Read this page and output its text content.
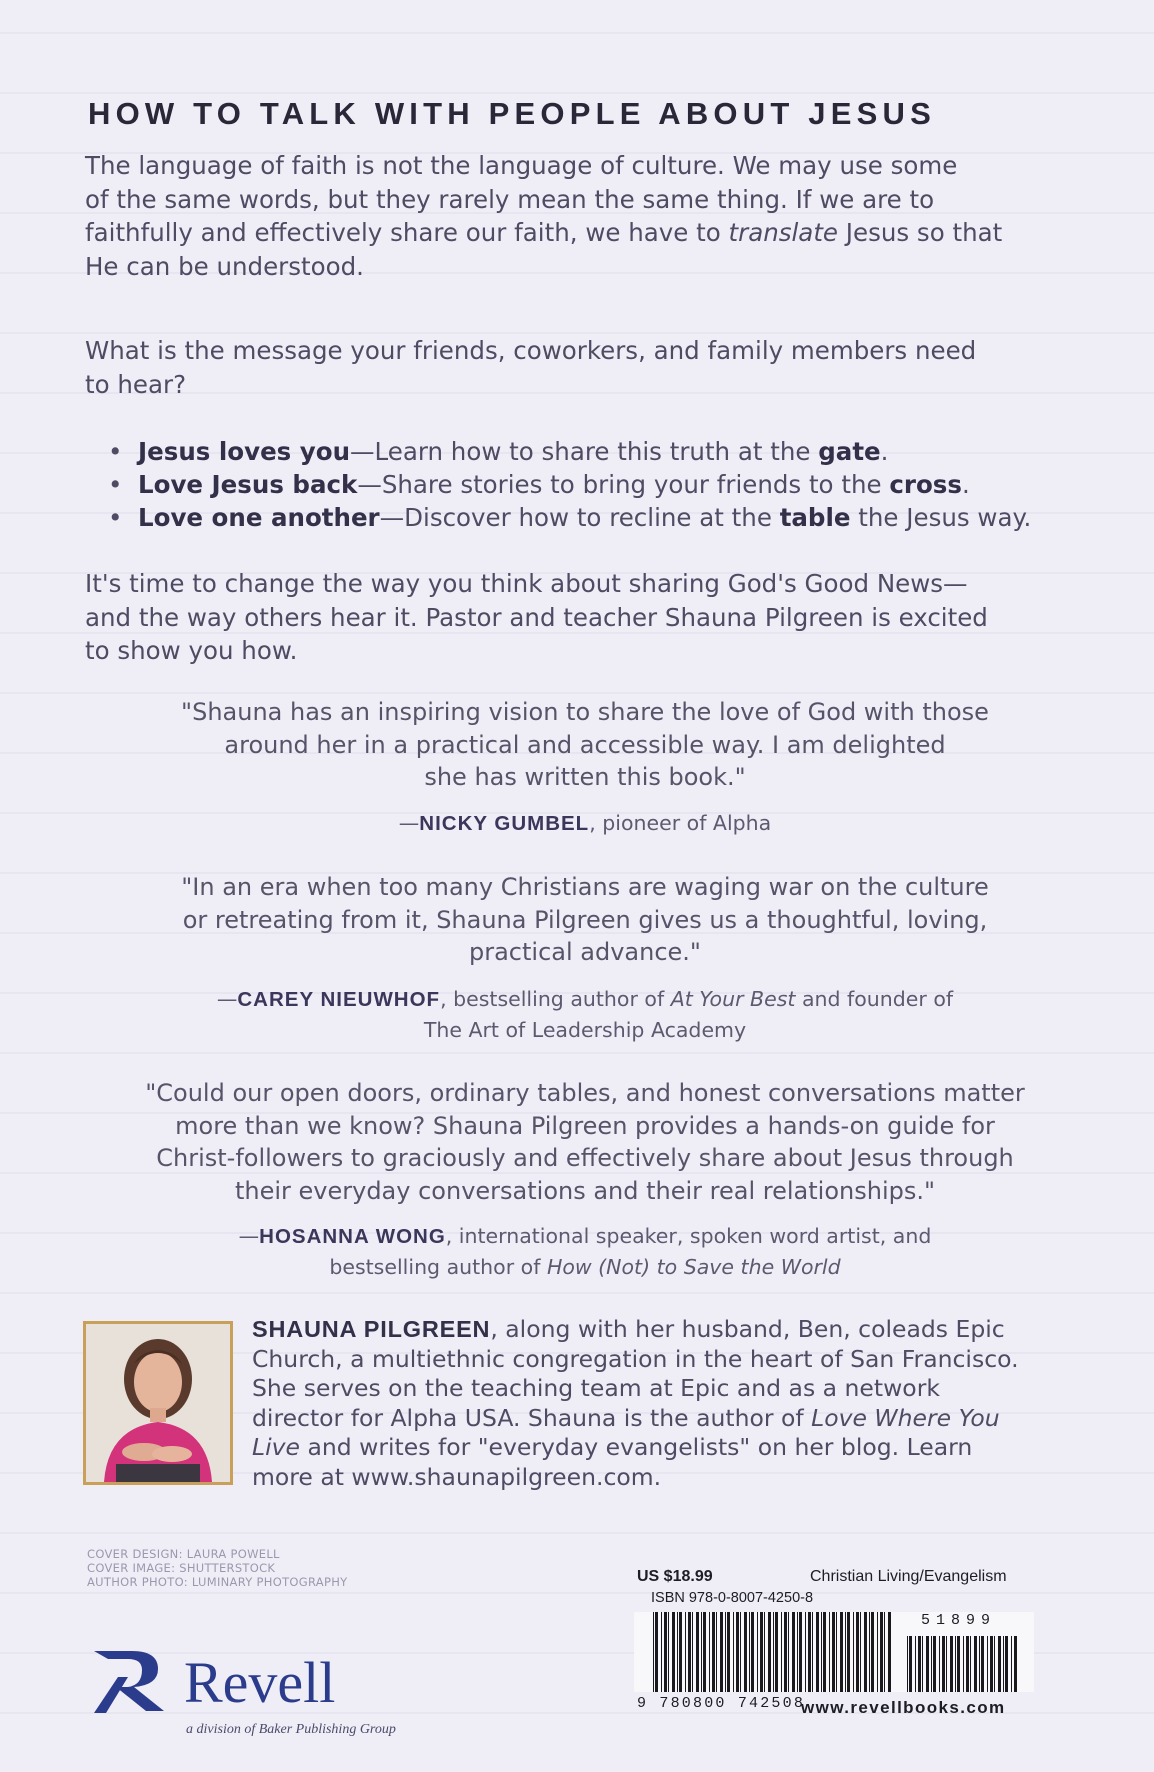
HOW TO TALK WITH PEOPLE ABOUT JESUS

The language of faith is not the language of culture. We may use some
of the same words, but they rarely mean the same thing. If we are to
faithfully and effectively share our faith, we have to translate Jesus so that
He can be understood.

What is the message your friends, coworkers, and family members need
to hear?

• Jesus loves you—Learn how to share this truth at the gate.
• Love Jesus back—Share stories to bring your friends to the cross.
• Love one another—Discover how to recline at the table the Jesus way.

It's time to change the way you think about sharing God's Good News—
and the way others hear it. Pastor and teacher Shauna Pilgreen is excited
to show you how.

"Shauna has an inspiring vision to share the love of God with those
around her in a practical and accessible way. I am delighted
she has written this book."

—NICKY GUMBEL, pioneer of Alpha

"In an era when too many Christians are waging war on the culture
or retreating from it, Shauna Pilgreen gives us a thoughtful, loving,
practical advance."

—CAREY NIEUWHOF, bestselling author of At Your Best and founder of
The Art of Leadership Academy

"Could our open doors, ordinary tables, and honest conversations matter
more than we know? Shauna Pilgreen provides a hands-on guide for
Christ-followers to graciously and effectively share about Jesus through
their everyday conversations and their real relationships."

—HOSANNA WONG, international speaker, spoken word artist, and
bestselling author of How (Not) to Save the World

SHAUNA PILGREEN, along with her husband, Ben, coleads Epic
Church, a multiethnic congregation in the heart of San Francisco.
She serves on the teaching team at Epic and as a network
director for Alpha USA. Shauna is the author of Love Where You
Live and writes for "everyday evangelists" on her blog. Learn
more at www.shaunapilgreen.com.

COVER DESIGN: LAURA POWELL
COVER IMAGE: SHUTTERSTOCK
AUTHOR PHOTO: LUMINARY PHOTOGRAPHY
Revell
a division of Baker Publishing Group
US $18.99	Christian Living/Evangelism
ISBN 978-0-8007-4250-8
51899
9 780800 742508
www.revellbooks.com
